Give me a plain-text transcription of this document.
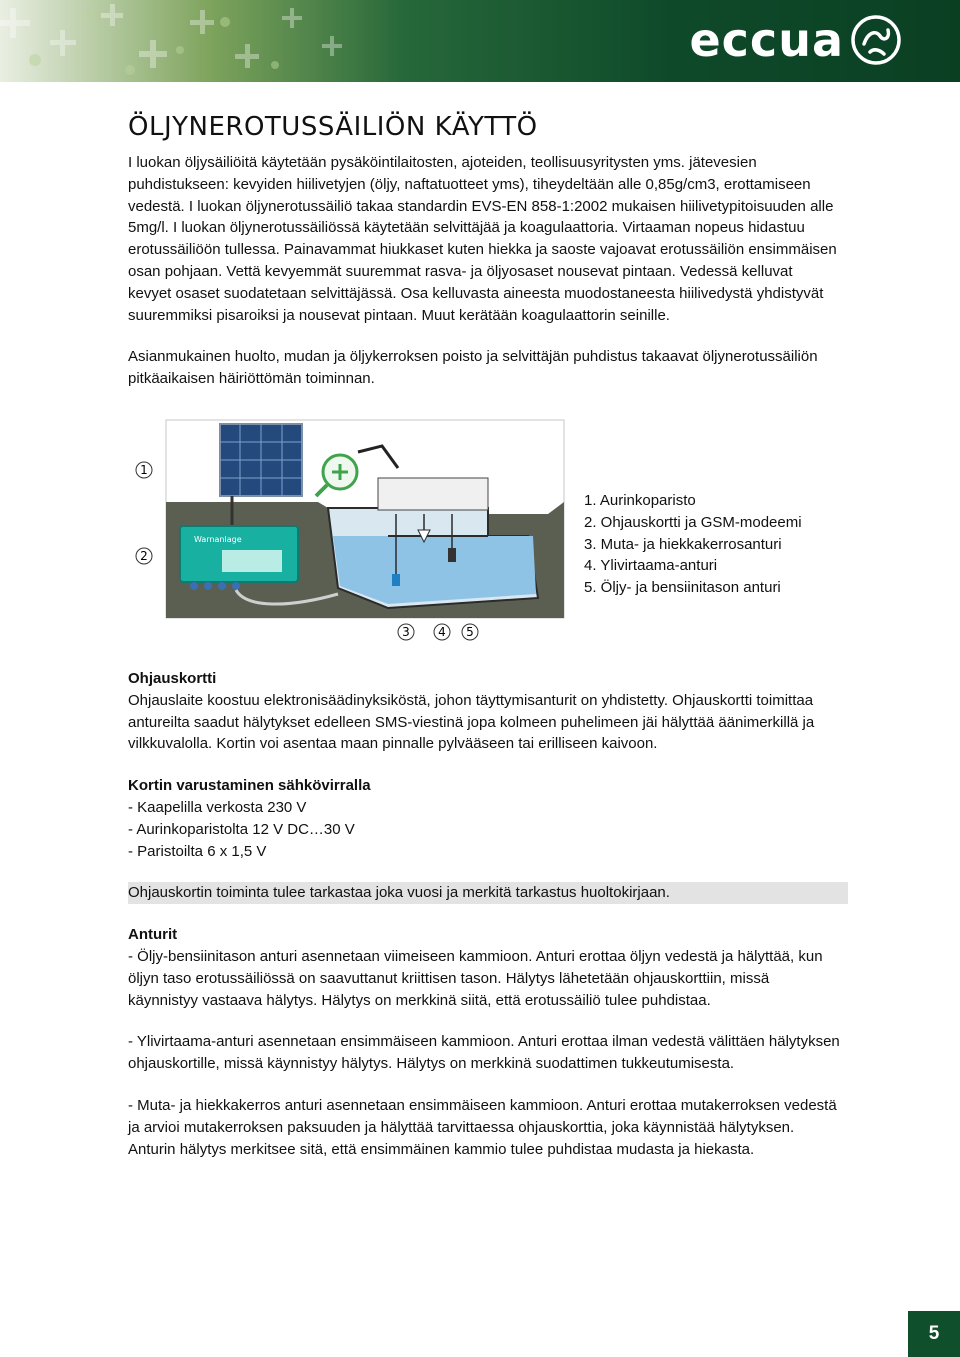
eccua
ÖLJYNEROTUSSÄILIÖN KÄYTTÖ

I luokan öljysäiliöitä käytetään pysäköintilaitosten, ajoteiden, teollisuusyritysten yms. jätevesien puhdistukseen: kevyiden hiilivetyjen (öljy, naftatuotteet yms), tiheydeltään alle 0,85g/cm3, erottamiseen vedestä. I luokan öljynerotussäiliö takaa standardin EVS-EN 858-1:2002 mukaisen hiilivetypitoisuuden alle 5mg/l. I luokan öljynerotussäiliössä käytetään selvittäjää ja koagulaattoria. Virtaaman nopeus hidastuu erotussäiliöön tullessa. Painavammat hiukkaset kuten hiekka ja saoste vajoavat erotussäiliön ensimmäisen osan pohjaan. Vettä kevyemmät suuremmat rasva- ja öljyosaset nousevat pintaan. Vedessä kelluvat kevyet osaset suodatetaan selvittäjässä. Osa kelluvasta aineesta muodostaneesta hiilivedystä yhdistyvät suuremmiksi pisaroiksi ja nousevat pintaan. Muut kerätään koagulaattorin seinille.

Asianmukainen huolto, mudan ja öljykerroksen poisto ja selvittäjän puhdistus takaavat öljynerotussäiliön pitkäaikaisen häiriöttömän toiminnan.

1
2
Warnanlage
3 4 5
1. Aurinkoparisto
2. Ohjauskortti ja GSM-modeemi
3. Muta- ja hiekkakerrosanturi
4. Ylivirtaama-anturi
5. Öljy- ja bensiinitason anturi

Ohjauskortti

Ohjauslaite koostuu elektronisäädinyksiköstä, johon täyttymisanturit on yhdistetty. Ohjauskortti toimittaa antureilta saadut hälytykset edelleen SMS-viestinä jopa kolmeen puhelimeen jäi hälyttää äänimerkillä ja vilkkuvalolla. Kortin voi asentaa maan pinnalle pylvääseen tai erilliseen kaivoon.

Kortin varustaminen sähkövirralla

- Kaapelilla verkosta 230 V
- Aurinkoparistolta 12 V DC…30 V
- Paristoilta 6 x 1,5 V
Ohjauskortin toiminta tulee tarkastaa joka vuosi ja merkitä tarkastus huoltokirjaan.

Anturit

- Öljy-bensiinitason anturi asennetaan viimeiseen kammioon. Anturi erottaa öljyn vedestä ja hälyttää, kun öljyn taso erotussäiliössä on saavuttanut kriittisen tason. Hälytys lähetetään ohjauskorttiin, missä käynnistyy vastaava hälytys. Hälytys on merkkinä siitä, että erotussäiliö tulee puhdistaa.

- Ylivirtaama-anturi asennetaan ensimmäiseen kammioon. Anturi erottaa ilman vedestä välittäen hälytyksen ohjauskortille, missä käynnistyy hälytys. Hälytys on merkkinä suodattimen tukkeutumisesta.

- Muta- ja hiekkakerros anturi asennetaan ensimmäiseen kammioon. Anturi erottaa mutakerroksen vedestä ja arvioi mutakerroksen paksuuden ja hälyttää tarvittaessa ohjauskorttia, joka käynnistää hälytyksen. Anturin hälytys merkitsee sitä, että ensimmäinen kammio tulee puhdistaa mudasta ja hiekasta.

5
